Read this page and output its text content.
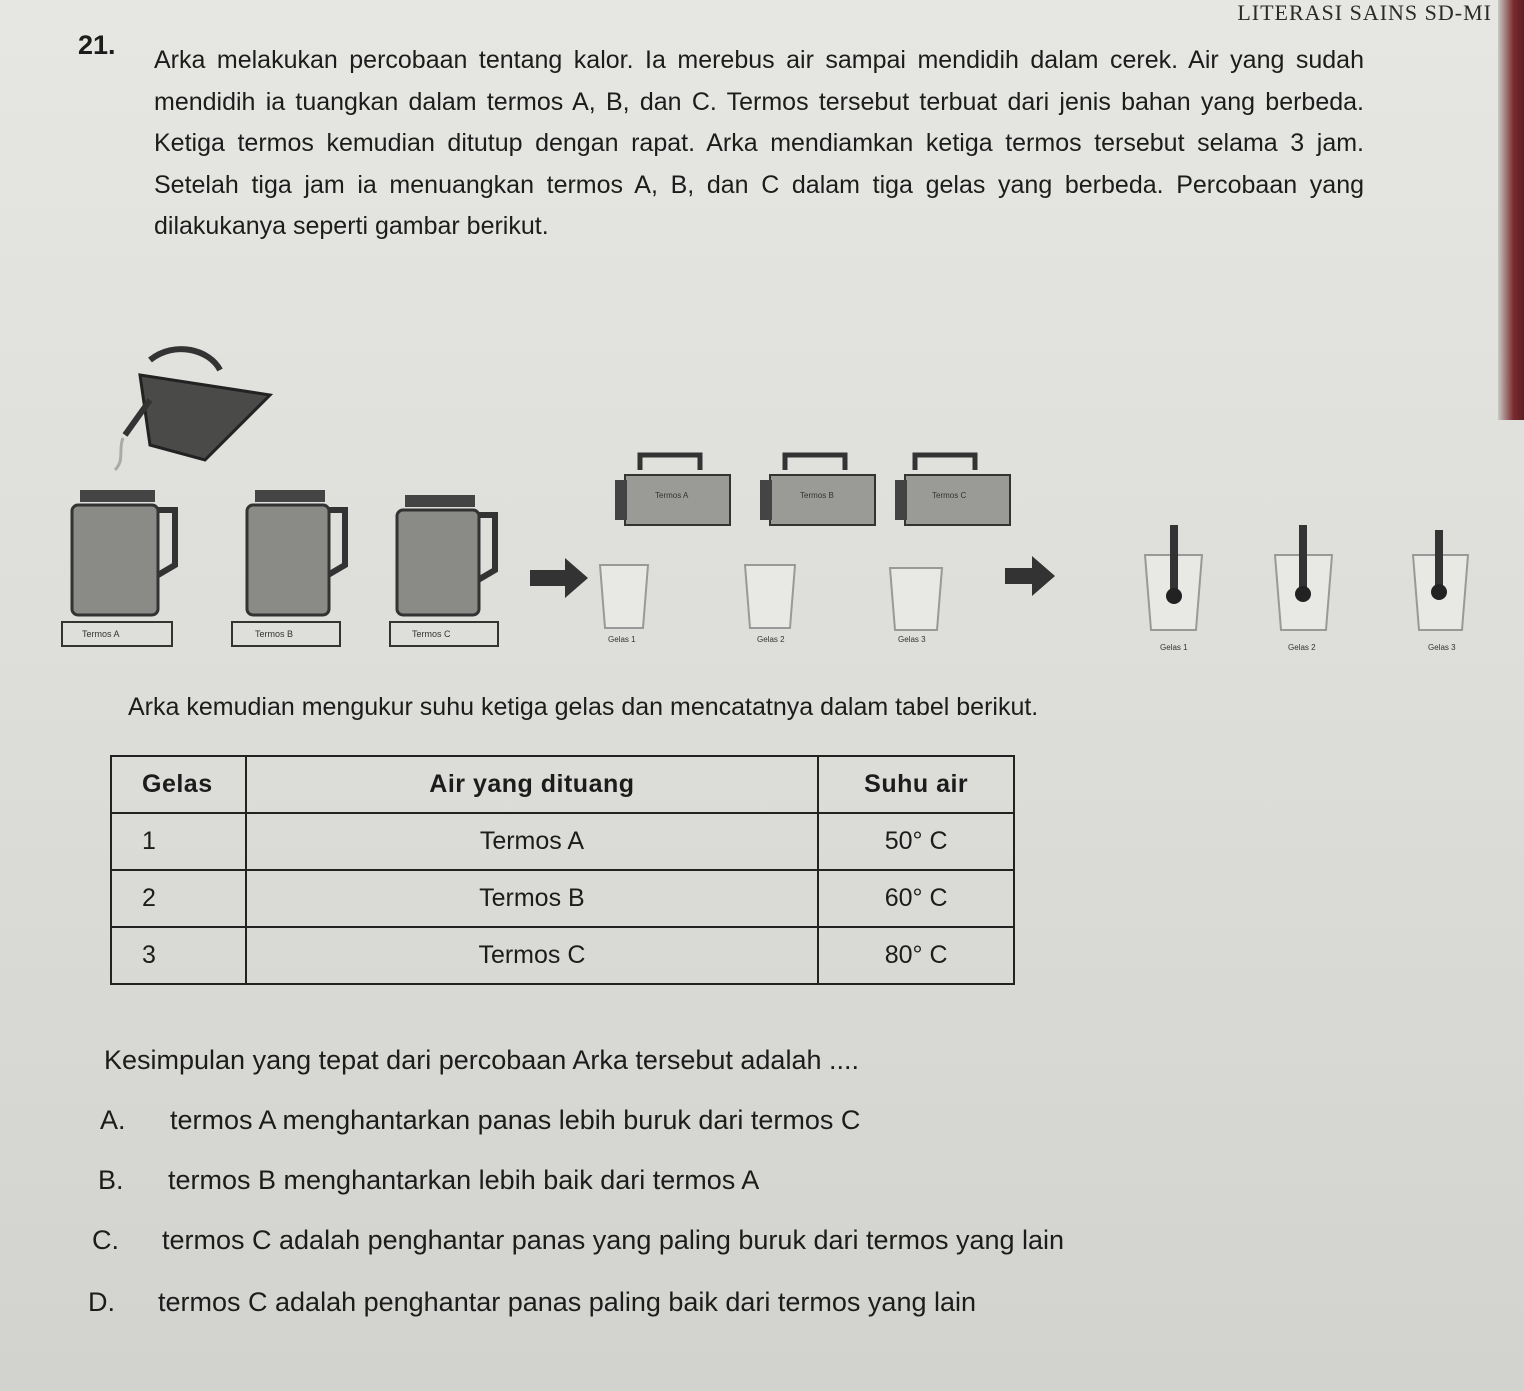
LITERASI SAINS SD-MI
21. Arka melakukan percobaan tentang kalor. Ia merebus air sampai mendidih dalam cerek. Air yang sudah mendidih ia tuangkan dalam termos A, B, dan C. Termos tersebut terbuat dari jenis bahan yang berbeda. Ketiga termos kemudian ditutup dengan rapat. Arka mendiamkan ketiga termos tersebut selama 3 jam. Setelah tiga jam ia menuangkan termos A, B, dan C dalam tiga gelas yang berbeda. Percobaan yang dilakukanya seperti gambar berikut.
Termos A	Termos B	Termos C
Termos A	Termos B	Termos C
Gelas 1	Gelas 2	Gelas 3
Gelas 1	Gelas 2	Gelas 3
Arka kemudian mengukur suhu ketiga gelas dan mencatatnya dalam tabel berikut.
Gelas	Air yang dituang	Suhu air
1	Termos A	50° C
2	Termos B	60° C
3	Termos C	80° C
Kesimpulan yang tepat dari percobaan Arka tersebut adalah ....
A. termos A menghantarkan panas lebih buruk dari termos C
B. termos B menghantarkan lebih baik dari termos A
C. termos C adalah penghantar panas yang paling buruk dari termos yang lain
D. termos C adalah penghantar panas paling baik dari termos yang lain
